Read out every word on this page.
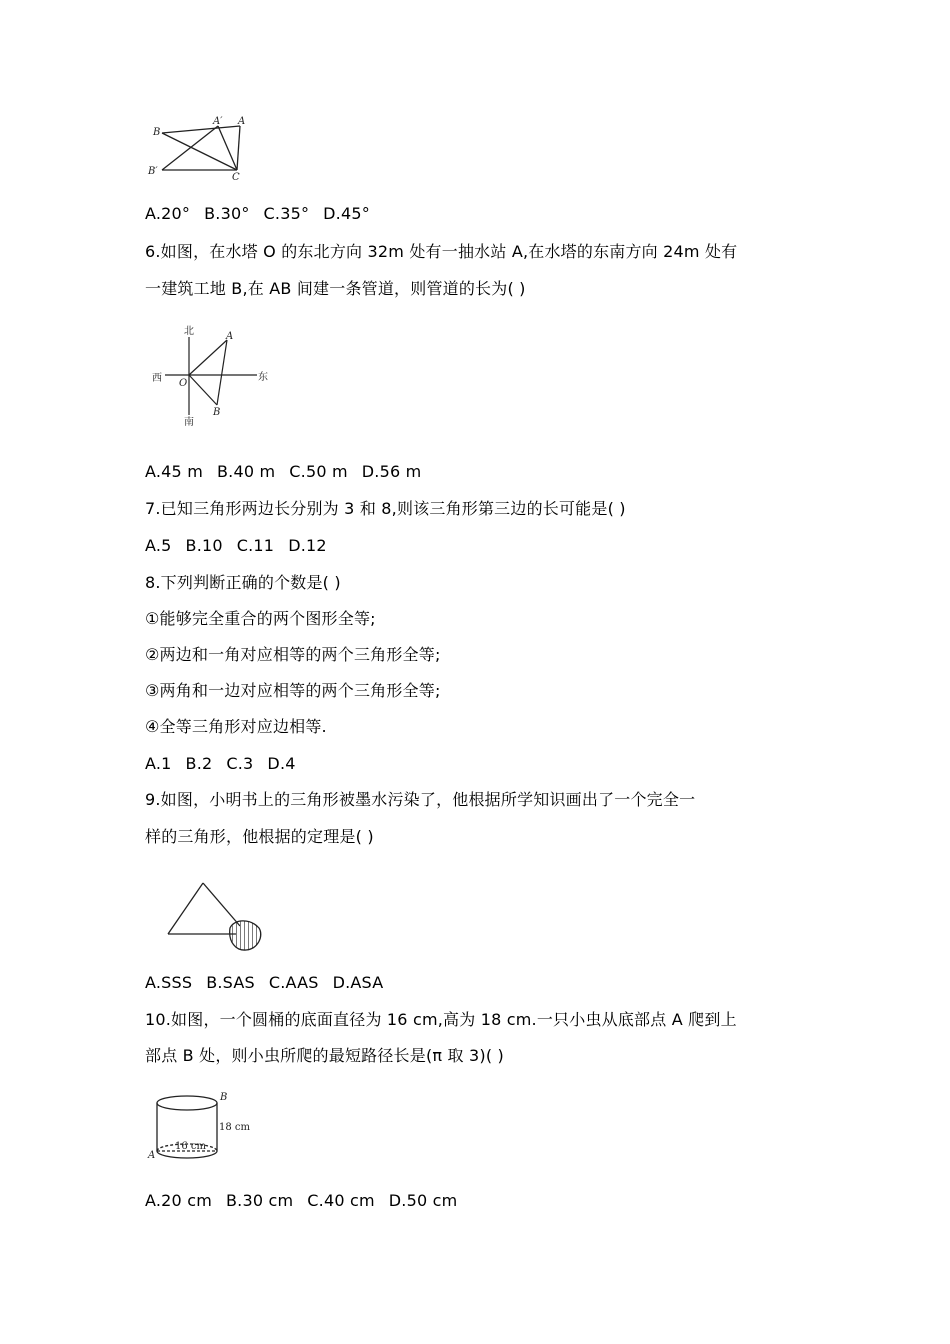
B
A′ A
B′
C
A.20° B.30° C.35° D.45°
6.如图，在水塔 O 的东北方向 32m 处有一抽水站 A,在水塔的东南方向 24m 处有
一建筑工地 B,在 AB 间建一条管道，则管道的长为( )
北
南
西	东
O
A
B
A.45 m B.40 m C.50 m D.56 m
7.已知三角形两边长分别为 3 和 8,则该三角形第三边的长可能是( )
A.5 B.10 C.11 D.12
8.下列判断正确的个数是( )
①能够完全重合的两个图形全等;
②两边和一角对应相等的两个三角形全等;
③两角和一边对应相等的两个三角形全等;
④全等三角形对应边相等.
A.1 B.2 C.3 D.4
9.如图，小明书上的三角形被墨水污染了，他根据所学知识画出了一个完全一
样的三角形，他根据的定理是( )
A.SSS B.SAS C.AAS D.ASA
10.如图，一个圆桶的底面直径为 16 cm,高为 18 cm.一只小虫从底部点 A 爬到上
部点 B 处，则小虫所爬的最短路径长是(π 取 3)( )
B
A
18 cm
16 cm
A.20 cm B.30 cm C.40 cm D.50 cm
